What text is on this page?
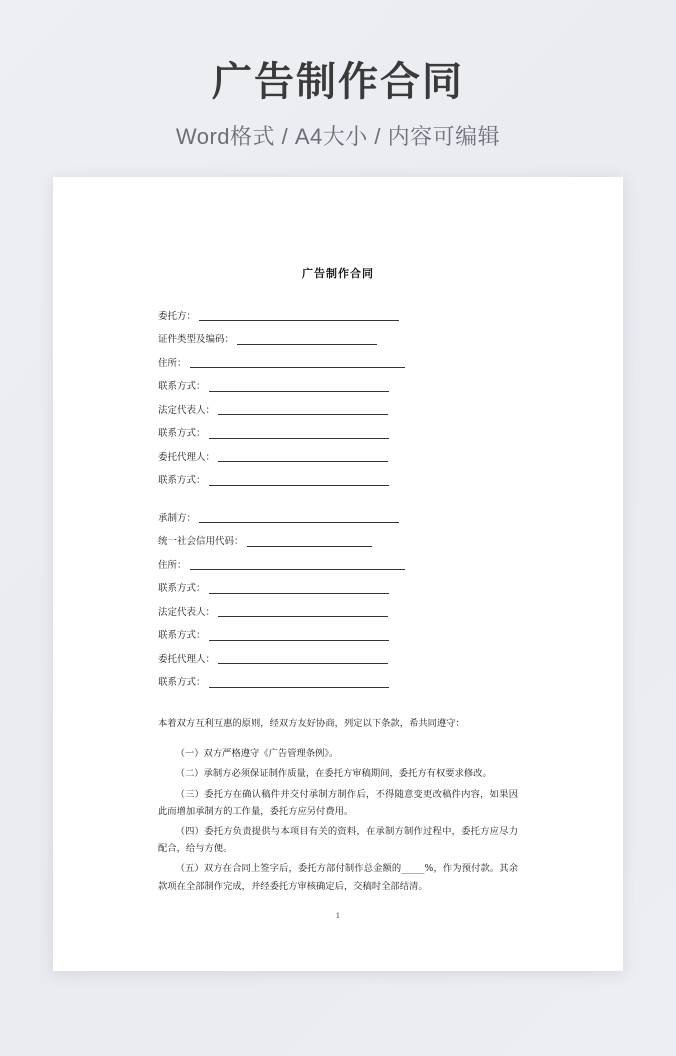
广告制作合同
Word格式 / A4大小 / 内容可编辑
广告制作合同
委托方：
证件类型及编码：
住所：
联系方式：
法定代表人：
联系方式：
委托代理人：
联系方式：
承制方：
统一社会信用代码：
住所：
联系方式：
法定代表人：
联系方式：
委托代理人：
联系方式：

本着双方互利互惠的原则，经双方友好协商，列定以下条款，希共同遵守：

（一）双方严格遵守《广告管理条例》。

（二）承制方必须保证制作质量，在委托方审稿期间，委托方有权要求修改。

（三）委托方在确认稿件并交付承制方制作后，不得随意变更改稿件内容，如果因此而增加承制方的工作量，委托方应另付费用。

（四）委托方负责提供与本项目有关的资料，在承制方制作过程中，委托方应尽力配合，给与方便。

（五）双方在合同上签字后，委托方部付制作总金额的_____%，作为预付款。其余款项在全部制作完成，并经委托方审核确定后，交稿时全部结清。

1
